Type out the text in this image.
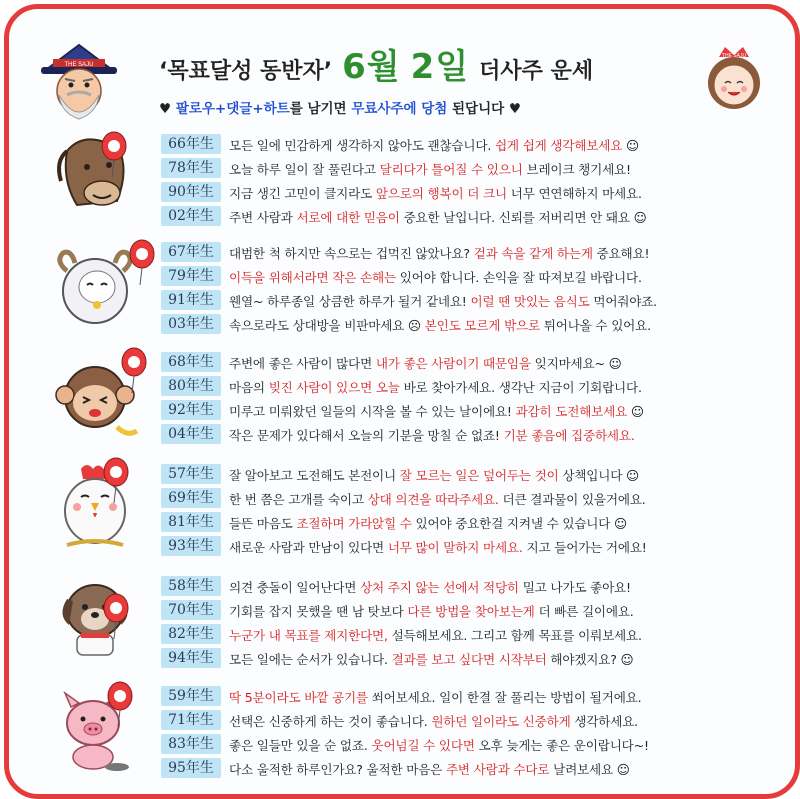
THE SAJU	‘목표달성 동반자’ 6월 2일 더사주 운세
♥ 팔로우+댓글+하트를 남기면 무료사주에 당첨 된답니다 ♥
THE SAJU
66年生	모든 일에 민감하게 생각하지 않아도 괜찮습니다. 쉽게 쉽게 생각해보세요 ☺
78年生	오늘 하루 일이 잘 풀린다고 달리다가 틀어질 수 있으니 브레이크 챙기세요!
90年生	지금 생긴 고민이 클지라도 앞으로의 행복이 더 크니 너무 연연해하지 마세요.
02年生	주변 사람과 서로에 대한 믿음이 중요한 날입니다. 신뢰를 저버리면 안 돼요 ☺
67年生	대범한 척 하지만 속으로는 겁먹진 않았나요? 겉과 속을 같게 하는게 중요해요!
79年生	이득을 위해서라면 작은 손해는 있어야 합니다. 손익을 잘 따져보길 바랍니다.
91年生	웬열~ 하루종일 상큼한 하루가 될거 같네요! 이럴 땐 맛있는 음식도 먹어줘야죠.
03年生	속으로라도 상대방을 비판마세요 ☹ 본인도 모르게 밖으로 튀어나올 수 있어요.
68年生	주변에 좋은 사람이 많다면 내가 좋은 사람이기 때문임을 잊지마세요~ ☺
80年生	마음의 빚진 사람이 있으면 오늘 바로 찾아가세요. 생각난 지금이 기회랍니다.
92年生	미루고 미뤄왔던 일들의 시작을 볼 수 있는 날이에요! 과감히 도전해보세요 ☺
04年生	작은 문제가 있다해서 오늘의 기분을 망칠 순 없죠! 기분 좋음에 집중하세요.
57年生	잘 알아보고 도전해도 본전이니 잘 모르는 일은 덮어두는 것이 상책입니다 ☺
69年生	한 번 쯤은 고개를 숙이고 상대 의견을 따라주세요. 더큰 결과물이 있을거에요.
81年生	들뜬 마음도 조절하며 가라앉힐 수 있어야 중요한걸 지켜낼 수 있습니다 ☺
93年生	새로운 사람과 만남이 있다면 너무 많이 말하지 마세요. 지고 들어가는 거에요!
58年生	의견 충돌이 일어난다면 상처 주지 않는 선에서 적당히 밀고 나가도 좋아요!
70年生	기회를 잡지 못했을 땐 남 탓보다 다른 방법을 찾아보는게 더 빠른 길이에요.
82年生	누군가 내 목표를 제지한다면, 설득해보세요. 그리고 함께 목표를 이뤄보세요.
94年生	모든 일에는 순서가 있습니다. 결과를 보고 싶다면 시작부터 해야겠지요? ☺
59年生	딱 5분이라도 바깥 공기를 쐬어보세요. 일이 한결 잘 풀리는 방법이 될거에요.
71年生	선택은 신중하게 하는 것이 좋습니다. 원하던 일이라도 신중하게 생각하세요.
83年生	좋은 일들만 있을 순 없죠. 웃어넘길 수 있다면 오후 늦게는 좋은 운이랍니다~!
95年生	다소 울적한 하루인가요? 울적한 마음은 주변 사람과 수다로 날려보세요 ☺
